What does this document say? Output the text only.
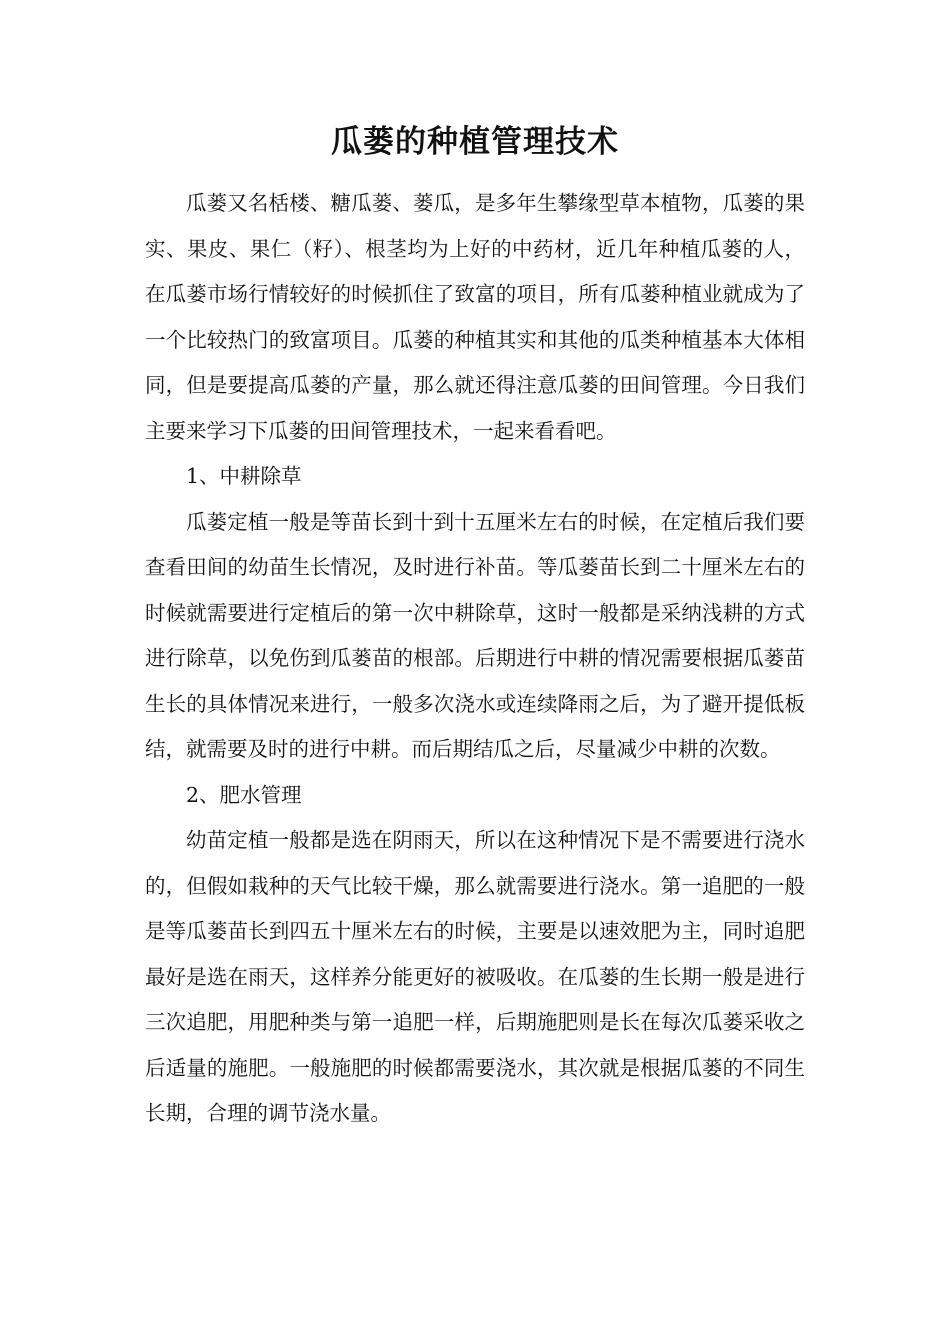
瓜蒌的种植管理技术

瓜蒌又名栝楼、糖瓜蒌、蒌瓜，是多年生攀缘型草本植物，瓜蒌的果实、果皮、果仁（籽）、根茎均为上好的中药材，近几年种植瓜蒌的人，在瓜蒌市场行情较好的时候抓住了致富的项目，所有瓜蒌种植业就成为了一个比较热门的致富项目。瓜蒌的种植其实和其他的瓜类种植基本大体相同，但是要提高瓜蒌的产量，那么就还得注意瓜蒌的田间管理。今日我们主要来学习下瓜蒌的田间管理技术，一起来看看吧。

1、中耕除草

瓜蒌定植一般是等苗长到十到十五厘米左右的时候，在定植后我们要查看田间的幼苗生长情况，及时进行补苗。等瓜蒌苗长到二十厘米左右的时候就需要进行定植后的第一次中耕除草，这时一般都是采纳浅耕的方式进行除草，以免伤到瓜蒌苗的根部。后期进行中耕的情况需要根据瓜蒌苗生长的具体情况来进行，一般多次浇水或连续降雨之后，为了避开提低板结，就需要及时的进行中耕。而后期结瓜之后，尽量减少中耕的次数。

2、肥水管理

幼苗定植一般都是选在阴雨天，所以在这种情况下是不需要进行浇水的，但假如栽种的天气比较干燥，那么就需要进行浇水。第一追肥的一般是等瓜蒌苗长到四五十厘米左右的时候，主要是以速效肥为主，同时追肥最好是选在雨天，这样养分能更好的被吸收。在瓜蒌的生长期一般是进行三次追肥，用肥种类与第一追肥一样，后期施肥则是长在每次瓜蒌采收之后适量的施肥。一般施肥的时候都需要浇水，其次就是根据瓜蒌的不同生长期，合理的调节浇水量。
